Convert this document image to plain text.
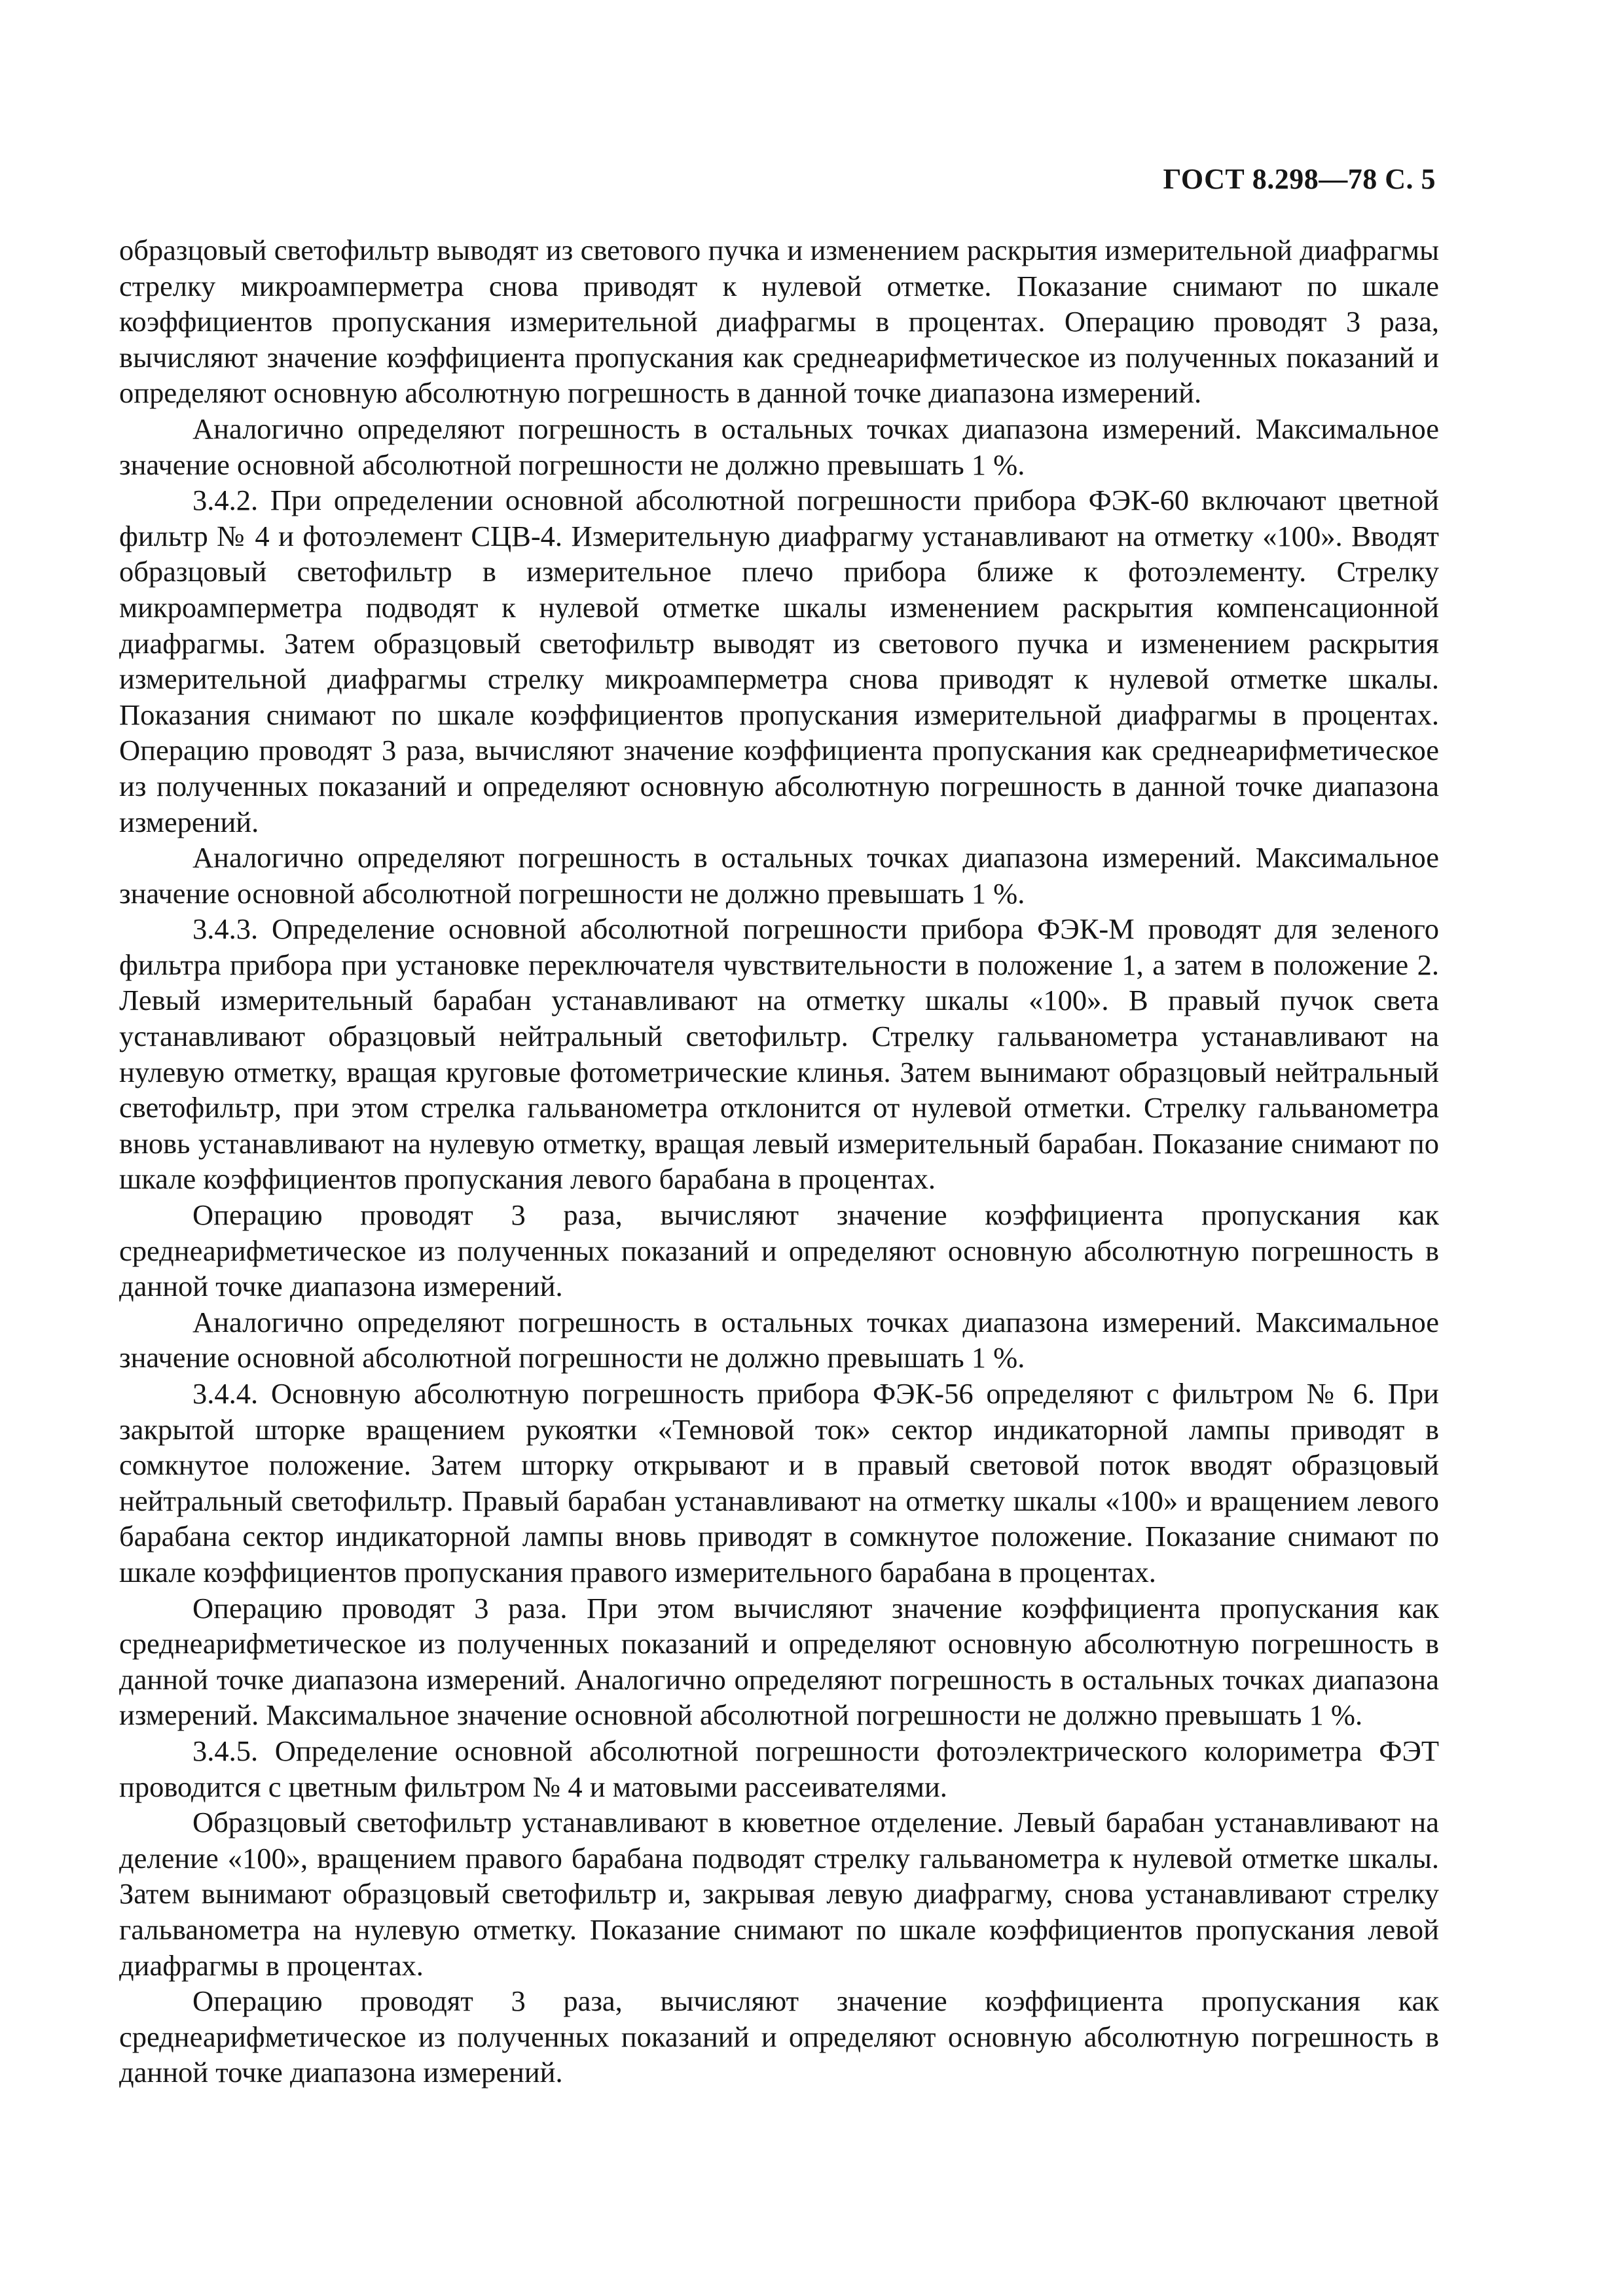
ГОСТ 8.298—78 С. 5

образцовый светофильтр выводят из светового пучка и изменением раскрытия измерительной диафрагмы стрелку микроамперметра снова приводят к нулевой отметке. Показание снимают по шкале коэффициентов пропускания измерительной диафрагмы в процентах. Операцию проводят 3 раза, вычисляют значение коэффициента пропускания как среднеарифметическое из полученных показаний и определяют основную абсолютную погрешность в данной точке диапазона измерений.

Аналогично определяют погрешность в остальных точках диапазона измерений. Максимальное значение основной абсолютной погрешности не должно превышать 1 %.

3.4.2. При определении основной абсолютной погрешности прибора ФЭК-60 включают цветной фильтр № 4 и фотоэлемент СЦВ-4. Измерительную диафрагму устанавливают на отметку «100». Вводят образцовый светофильтр в измерительное плечо прибора ближе к фотоэлементу. Стрелку микроамперметра подводят к нулевой отметке шкалы изменением раскрытия компенсационной диафрагмы. Затем образцовый светофильтр выводят из светового пучка и изменением раскрытия измерительной диафрагмы стрелку микроамперметра снова приводят к нулевой отметке шкалы. Показания снимают по шкале коэффициентов пропускания измерительной диафрагмы в процентах. Операцию проводят 3 раза, вычисляют значение коэффициента пропускания как среднеарифметическое из полученных показаний и определяют основную абсолютную погрешность в данной точке диапазона измерений.

Аналогично определяют погрешность в остальных точках диапазона измерений. Максимальное значение основной абсолютной погрешности не должно превышать 1 %.

3.4.3. Определение основной абсолютной погрешности прибора ФЭК-М проводят для зеленого фильтра прибора при установке переключателя чувствительности в положение 1, а затем в положение 2. Левый измерительный барабан устанавливают на отметку шкалы «100». В правый пучок света устанавливают образцовый нейтральный светофильтр. Стрелку гальванометра устанавливают на нулевую отметку, вращая круговые фотометрические клинья. Затем вынимают образцовый нейтральный светофильтр, при этом стрелка гальванометра отклонится от нулевой отметки. Стрелку гальванометра вновь устанавливают на нулевую отметку, вращая левый измерительный барабан. Показание снимают по шкале коэффициентов пропускания левого барабана в процентах.

Операцию проводят 3 раза, вычисляют значение коэффициента пропускания как среднеарифметическое из полученных показаний и определяют основную абсолютную погрешность в данной точке диапазона измерений.

Аналогично определяют погрешность в остальных точках диапазона измерений. Максимальное значение основной абсолютной погрешности не должно превышать 1 %.

3.4.4. Основную абсолютную погрешность прибора ФЭК-56 определяют с фильтром № 6. При закрытой шторке вращением рукоятки «Темновой ток» сектор индикаторной лампы приводят в сомкнутое положение. Затем шторку открывают и в правый световой поток вводят образцовый нейтральный светофильтр. Правый барабан устанавливают на отметку шкалы «100» и вращением левого барабана сектор индикаторной лампы вновь приводят в сомкнутое положение. Показание снимают по шкале коэффициентов пропускания правого измерительного барабана в процентах.

Операцию проводят 3 раза. При этом вычисляют значение коэффициента пропускания как среднеарифметическое из полученных показаний и определяют основную абсолютную погрешность в данной точке диапазона измерений. Аналогично определяют погрешность в остальных точках диапазона измерений. Максимальное значение основной абсолютной погрешности не должно превышать 1 %.

3.4.5. Определение основной абсолютной погрешности фотоэлектрического колориметра ФЭТ проводится с цветным фильтром № 4 и матовыми рассеивателями.

Образцовый светофильтр устанавливают в кюветное отделение. Левый барабан устанавливают на деление «100», вращением правого барабана подводят стрелку гальванометра к нулевой отметке шкалы. Затем вынимают образцовый светофильтр и, закрывая левую диафрагму, снова устанавливают стрелку гальванометра на нулевую отметку. Показание снимают по шкале коэффициентов пропускания левой диафрагмы в процентах.

Операцию проводят 3 раза, вычисляют значение коэффициента пропускания как среднеарифметическое из полученных показаний и определяют основную абсолютную погрешность в данной точке диапазона измерений.
